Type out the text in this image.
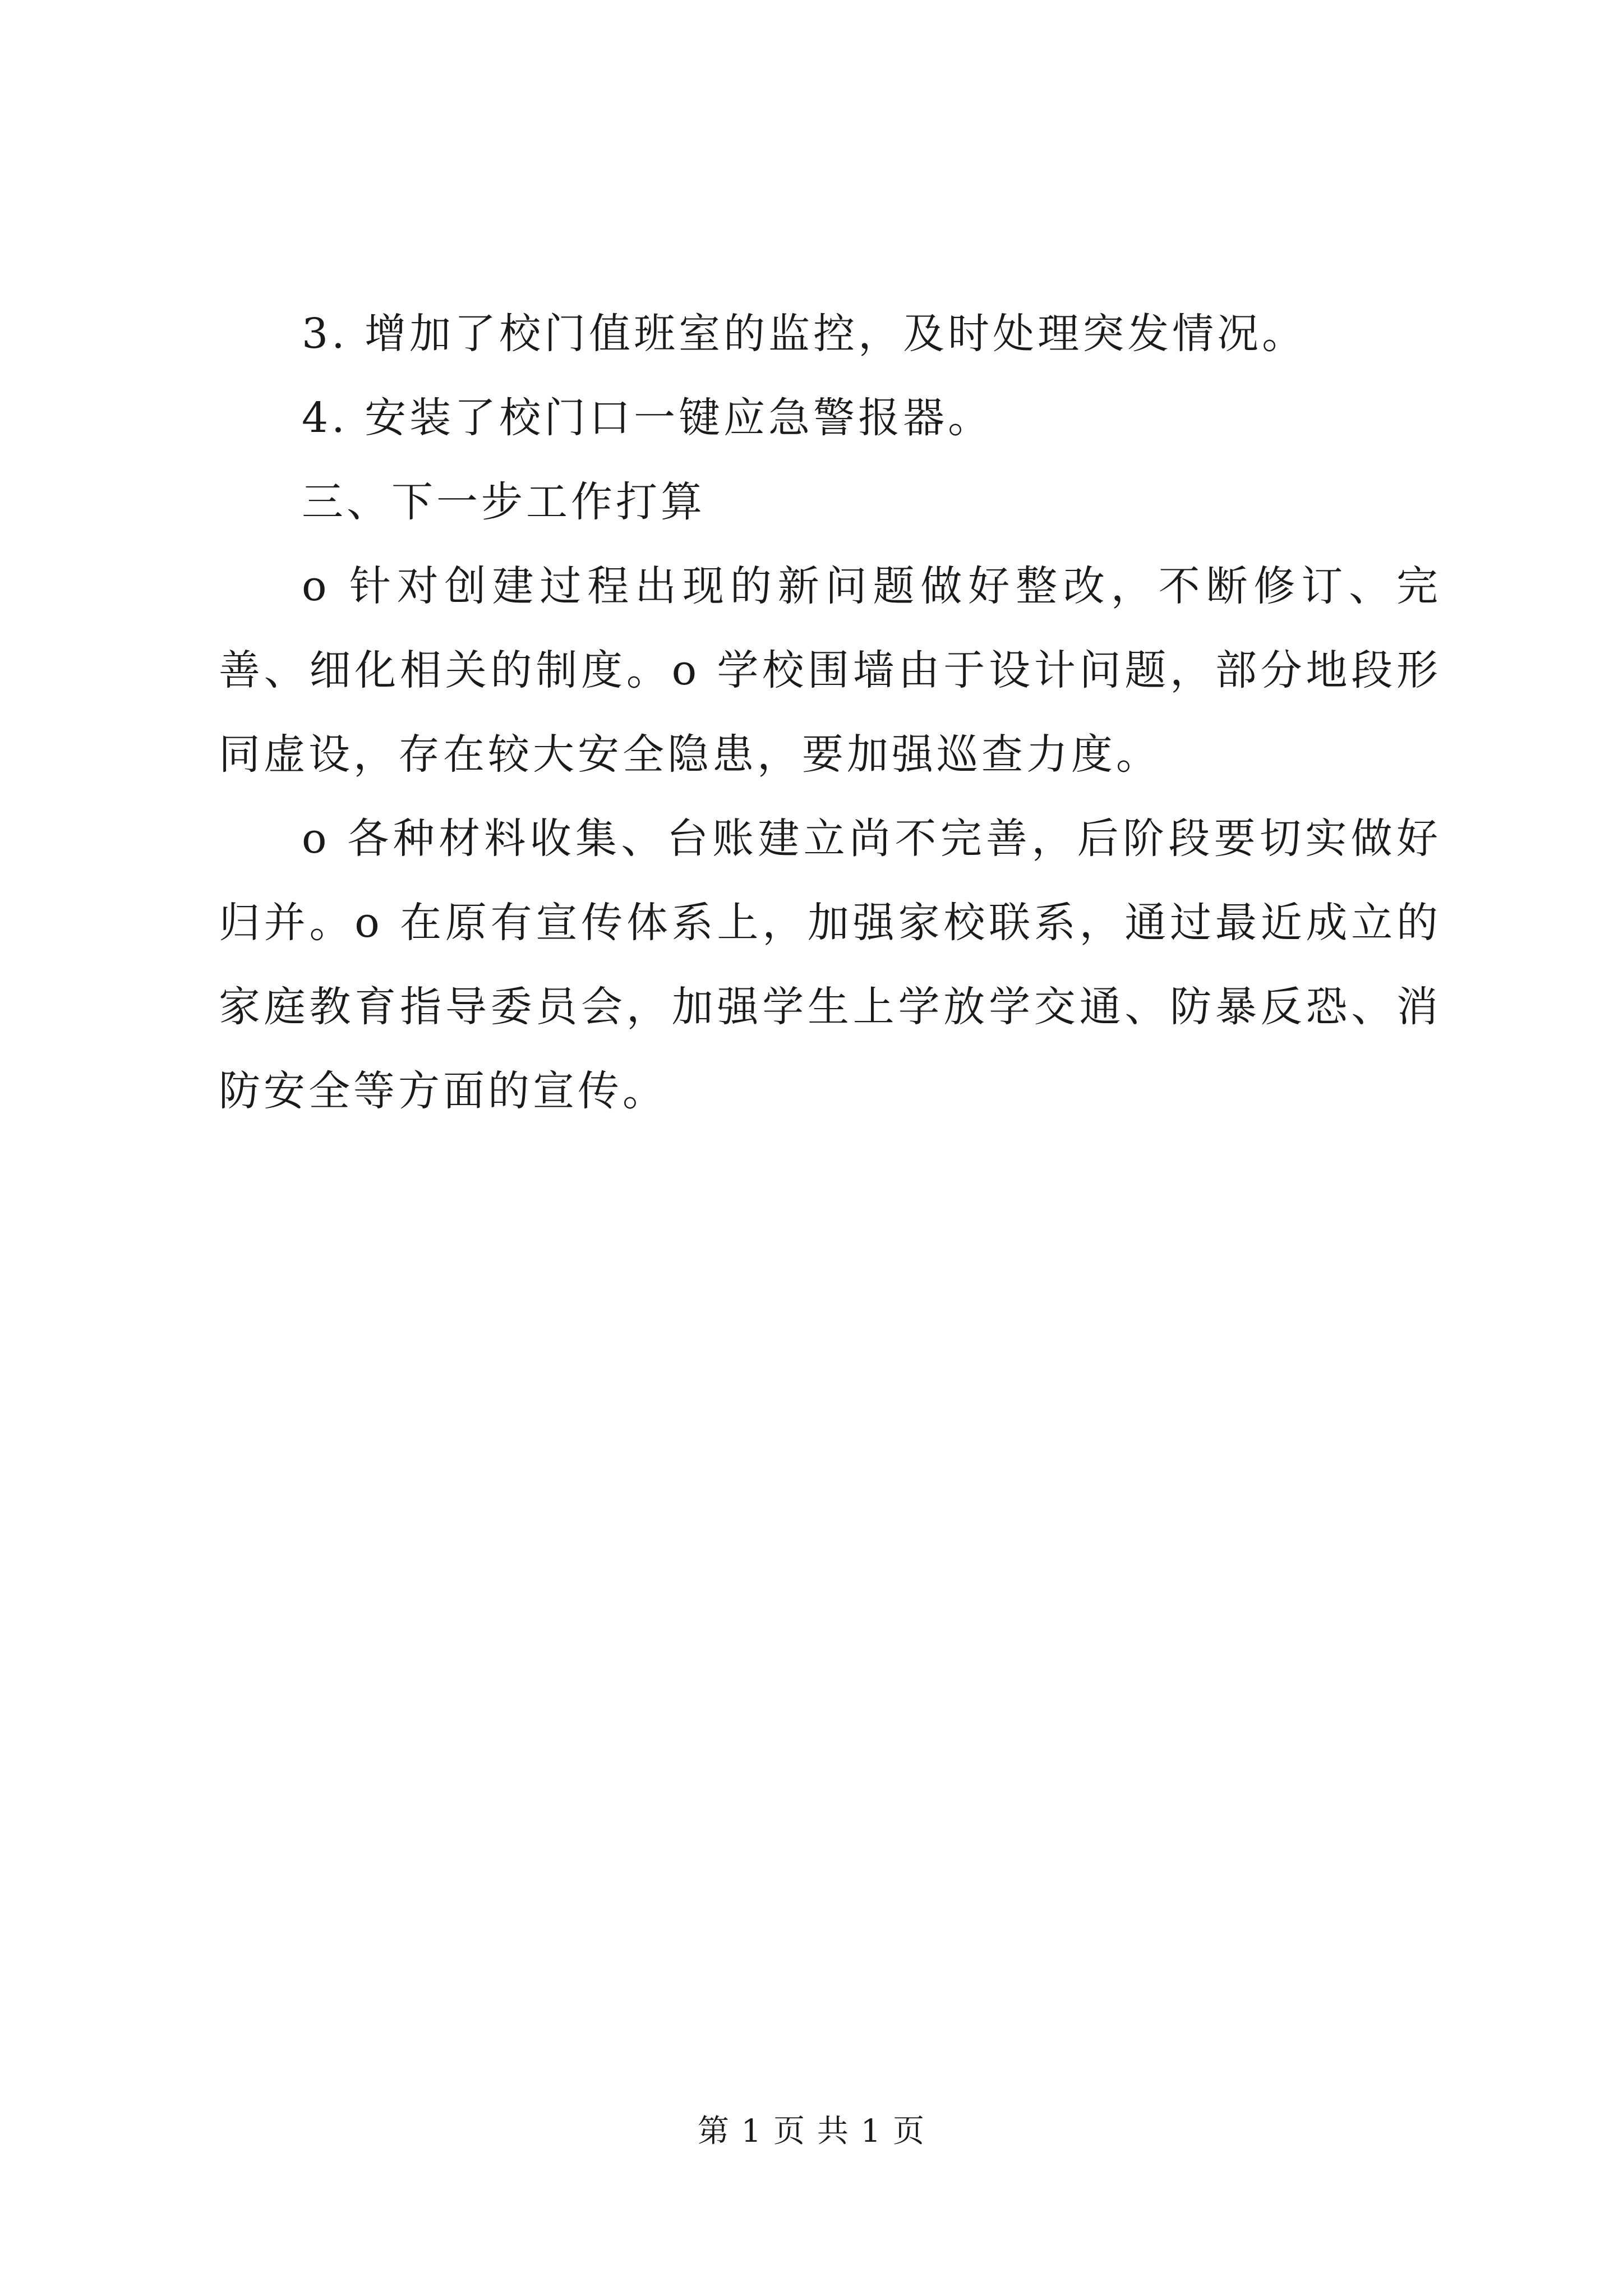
3. 增加了校门值班室的监控，及时处理突发情况。

4. 安装了校门口一键应急警报器。

三、下一步工作打算

o 针对创建过程出现的新问题做好整改，不断修订、完善、细化相关的制度。o 学校围墙由于设计问题，部分地段形同虚设，存在较大安全隐患，要加强巡查力度。

o 各种材料收集、台账建立尚不完善，后阶段要切实做好归并。o 在原有宣传体系上，加强家校联系，通过最近成立的家庭教育指导委员会，加强学生上学放学交通、防暴反恐、消防安全等方面的宣传。

第 1 页 共 1 页
